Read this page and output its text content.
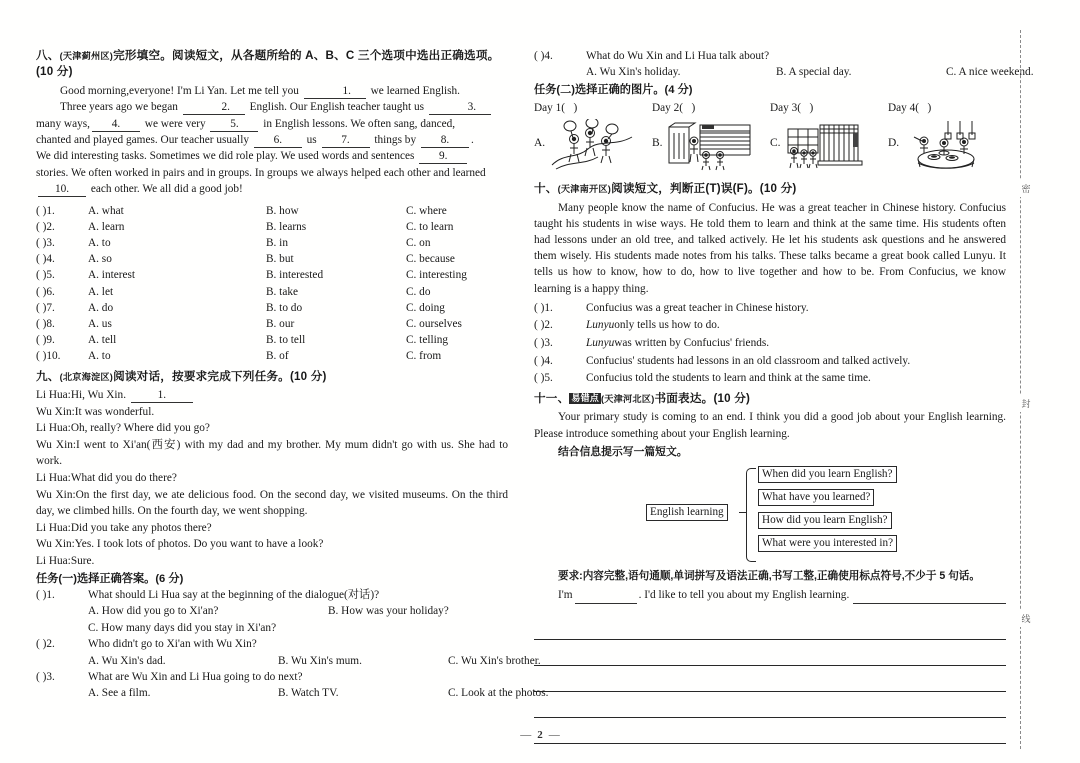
八、(天津蓟州区)完形填空。阅读短文，从各题所给的 A、B、C 三个选项中选出正确选项。(10 分)

Good morning,everyone! I'm Li Yan. Let me tell you	1. we learned English.

Three years ago we began	2. English. Our English teacher taught us	3.

many ways, 4. we were very 5. in English lessons. We often sang, danced,

chanted and played games. Our teacher usually 6. us 7. things by 8. .

We did interesting tasks. Sometimes we did role play. We used words and sentences 9.

stories. We often worked in pairs and in groups. In groups we always helped each other and learned

10. each other. We all did a good job!

( )1.	A. what	B. how	C. where
( )2.	A. learn	B. learns	C. to learn
( )3.	A. to	B. in	C. on
( )4.	A. so	B. but	C. because
( )5.	A. interest	B. interested	C. interesting
( )6.	A. let	B. take	C. do
( )7.	A. do	B. to do	C. doing
( )8.	A. us	B. our	C. ourselves
( )9.	A. tell	B. to tell	C. telling
( )10.	A. to	B. of	C. from
九、(北京海淀区)阅读对话，按要求完成下列任务。(10 分)

Li Hua:Hi, Wu Xin.	1.

Wu Xin:It was wonderful.

Li Hua:Oh, really? Where did you go?

Wu Xin:I went to Xi'an(西安) with my dad and my brother. My mum didn't go with us. She had to work.

Li Hua:What did you do there?

Wu Xin:On the first day, we ate delicious food. On the second day, we visited museums. On the third day, we climbed hills. On the fourth day, we went shopping.

Li Hua:Did you take any photos there?

Wu Xin:Yes. I took lots of photos. Do you want to have a look?

Li Hua:Sure.

任务(一)选择正确答案。(6 分)
( )1.	What should Li Hua say at the beginning of the dialogue(对话)?
A. How did you go to Xi'an?	B. How was your holiday?
C. How many days did you stay in Xi'an?
( )2.	Who didn't go to Xi'an with Wu Xin?
A. Wu Xin's dad.	B. Wu Xin's mum.	C. Wu Xin's brother.
( )3.	What are Wu Xin and Li Hua going to do next?
A. See a film.	B. Watch TV.	C. Look at the photos.
( )4.	What do Wu Xin and Li Hua talk about?
A. Wu Xin's holiday.	B. A special day.	C. A nice weekend.
任务(二)选择正确的图片。(4 分)
Day 1( )	Day 2( )	Day 3( )	Day 4( )
A.	B.	C.	D.
十、(天津南开区)阅读短文，判断正(T)误(F)。(10 分)

Many people know the name of Confucius. He was a great teacher in Chinese history. Confucius taught his students in wise ways. He told them to learn and think at the same time. His students often had lessons under an old tree, and talked actively. He let his students ask questions and he answered them wisely. His students made notes from his talks. These talks became a great book called Lunyu. It tells us how to know, how to do, how to live together and how to be. From Confucius, we know learning is a happy thing.

( )1.	Confucius was a great teacher in Chinese history.
( )2.	Lunyu only tells us how to do.
( )3.	Lunyu was written by Confucius' friends.
( )4.	Confucius' students had lessons in an old classroom and talked actively.
( )5.	Confucius told the students to learn and think at the same time.
十一、 易错点 (天津河北区)书面表达。(10 分)

Your primary study is coming to an end. I think you did a good job about your English learning. Please introduce something about your English learning.

结合信息提示写一篇短文。

English learning
When did you learn English?
What have you learned?
How did you learn English?
What were you interested in?
要求:内容完整,语句通顺,单词拼写及语法正确,书写工整,正确使用标点符号,不少于 5 句话。
I'm	. I'd like to tell you about my English learning.
— 2 —
密
封
线
